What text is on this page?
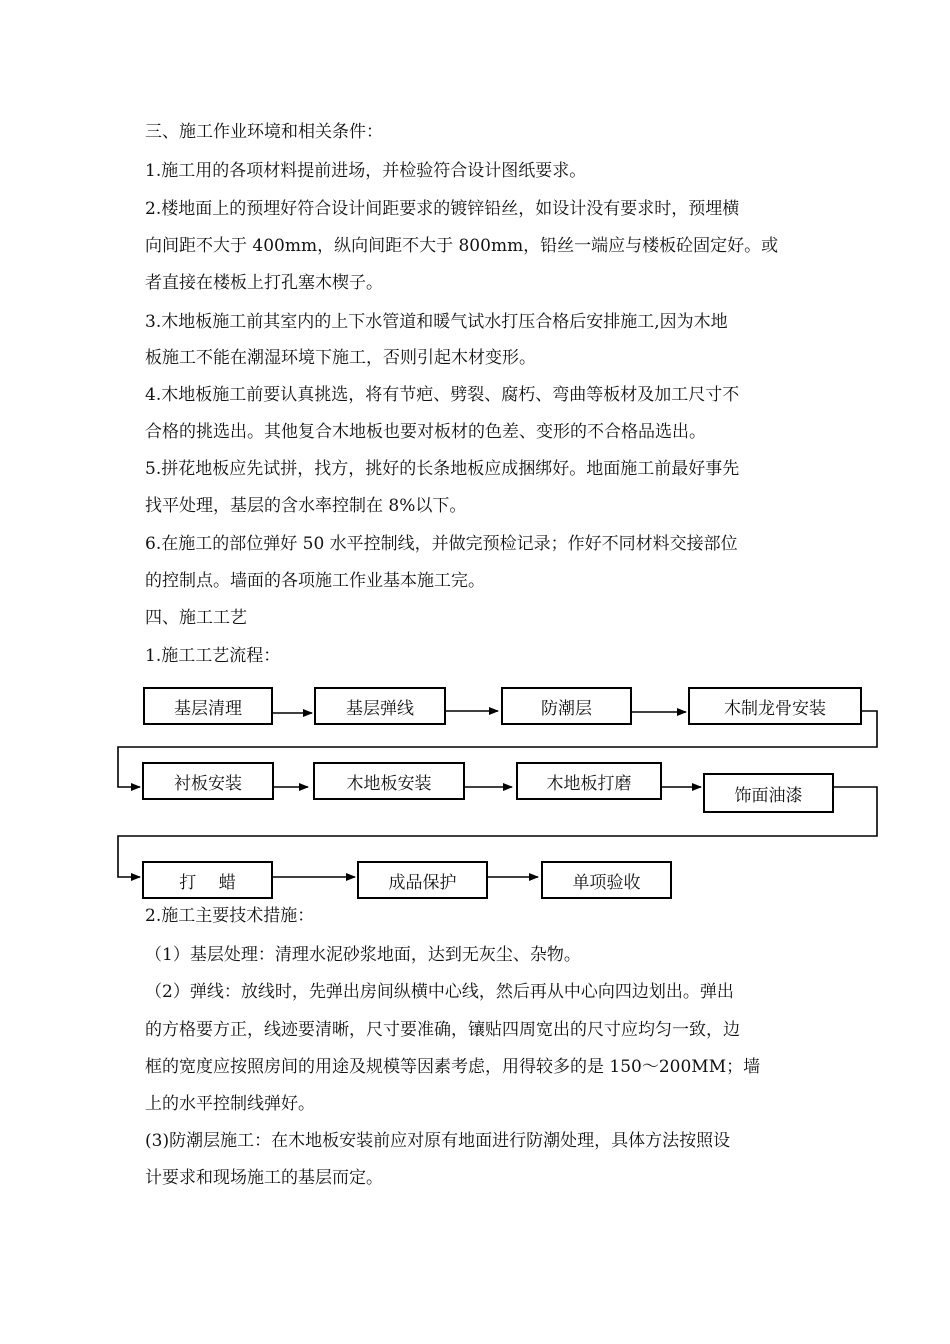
三、施工作业环境和相关条件：
1.施工用的各项材料提前进场，并检验符合设计图纸要求。
2.楼地面上的预埋好符合设计间距要求的镀锌铅丝，如设计没有要求时，预埋横
向间距不大于 400mm，纵向间距不大于 800mm，铅丝一端应与楼板砼固定好。或
者直接在楼板上打孔塞木楔子。
3.木地板施工前其室内的上下水管道和暖气试水打压合格后安排施工,因为木地
板施工不能在潮湿环境下施工，否则引起木材变形。
4.木地板施工前要认真挑选，将有节疤、劈裂、腐朽、弯曲等板材及加工尺寸不
合格的挑选出。其他复合木地板也要对板材的色差、变形的不合格品选出。
5.拼花地板应先试拼，找方，挑好的长条地板应成捆绑好。地面施工前最好事先
找平处理，基层的含水率控制在 8%以下。
6.在施工的部位弹好 50 水平控制线，并做完预检记录；作好不同材料交接部位
的控制点。墙面的各项施工作业基本施工完。
四、施工工艺
1.施工工艺流程：
基层清理	基层弹线	防潮层	木制龙骨安装
衬板安装	木地板安装	木地板打磨
饰面油漆
打　 蜡	成品保护	单项验收
2.施工主要技术措施：
（1）基层处理：清理水泥砂浆地面，达到无灰尘、杂物。
（2）弹线：放线时，先弹出房间纵横中心线，然后再从中心向四边划出。弹出
的方格要方正，线迹要清晰，尺寸要准确，镶贴四周宽出的尺寸应均匀一致，边
框的宽度应按照房间的用途及规模等因素考虑，用得较多的是 150～200MM；墙
上的水平控制线弹好。
(3)防潮层施工：在木地板安装前应对原有地面进行防潮处理，具体方法按照设
计要求和现场施工的基层而定。
